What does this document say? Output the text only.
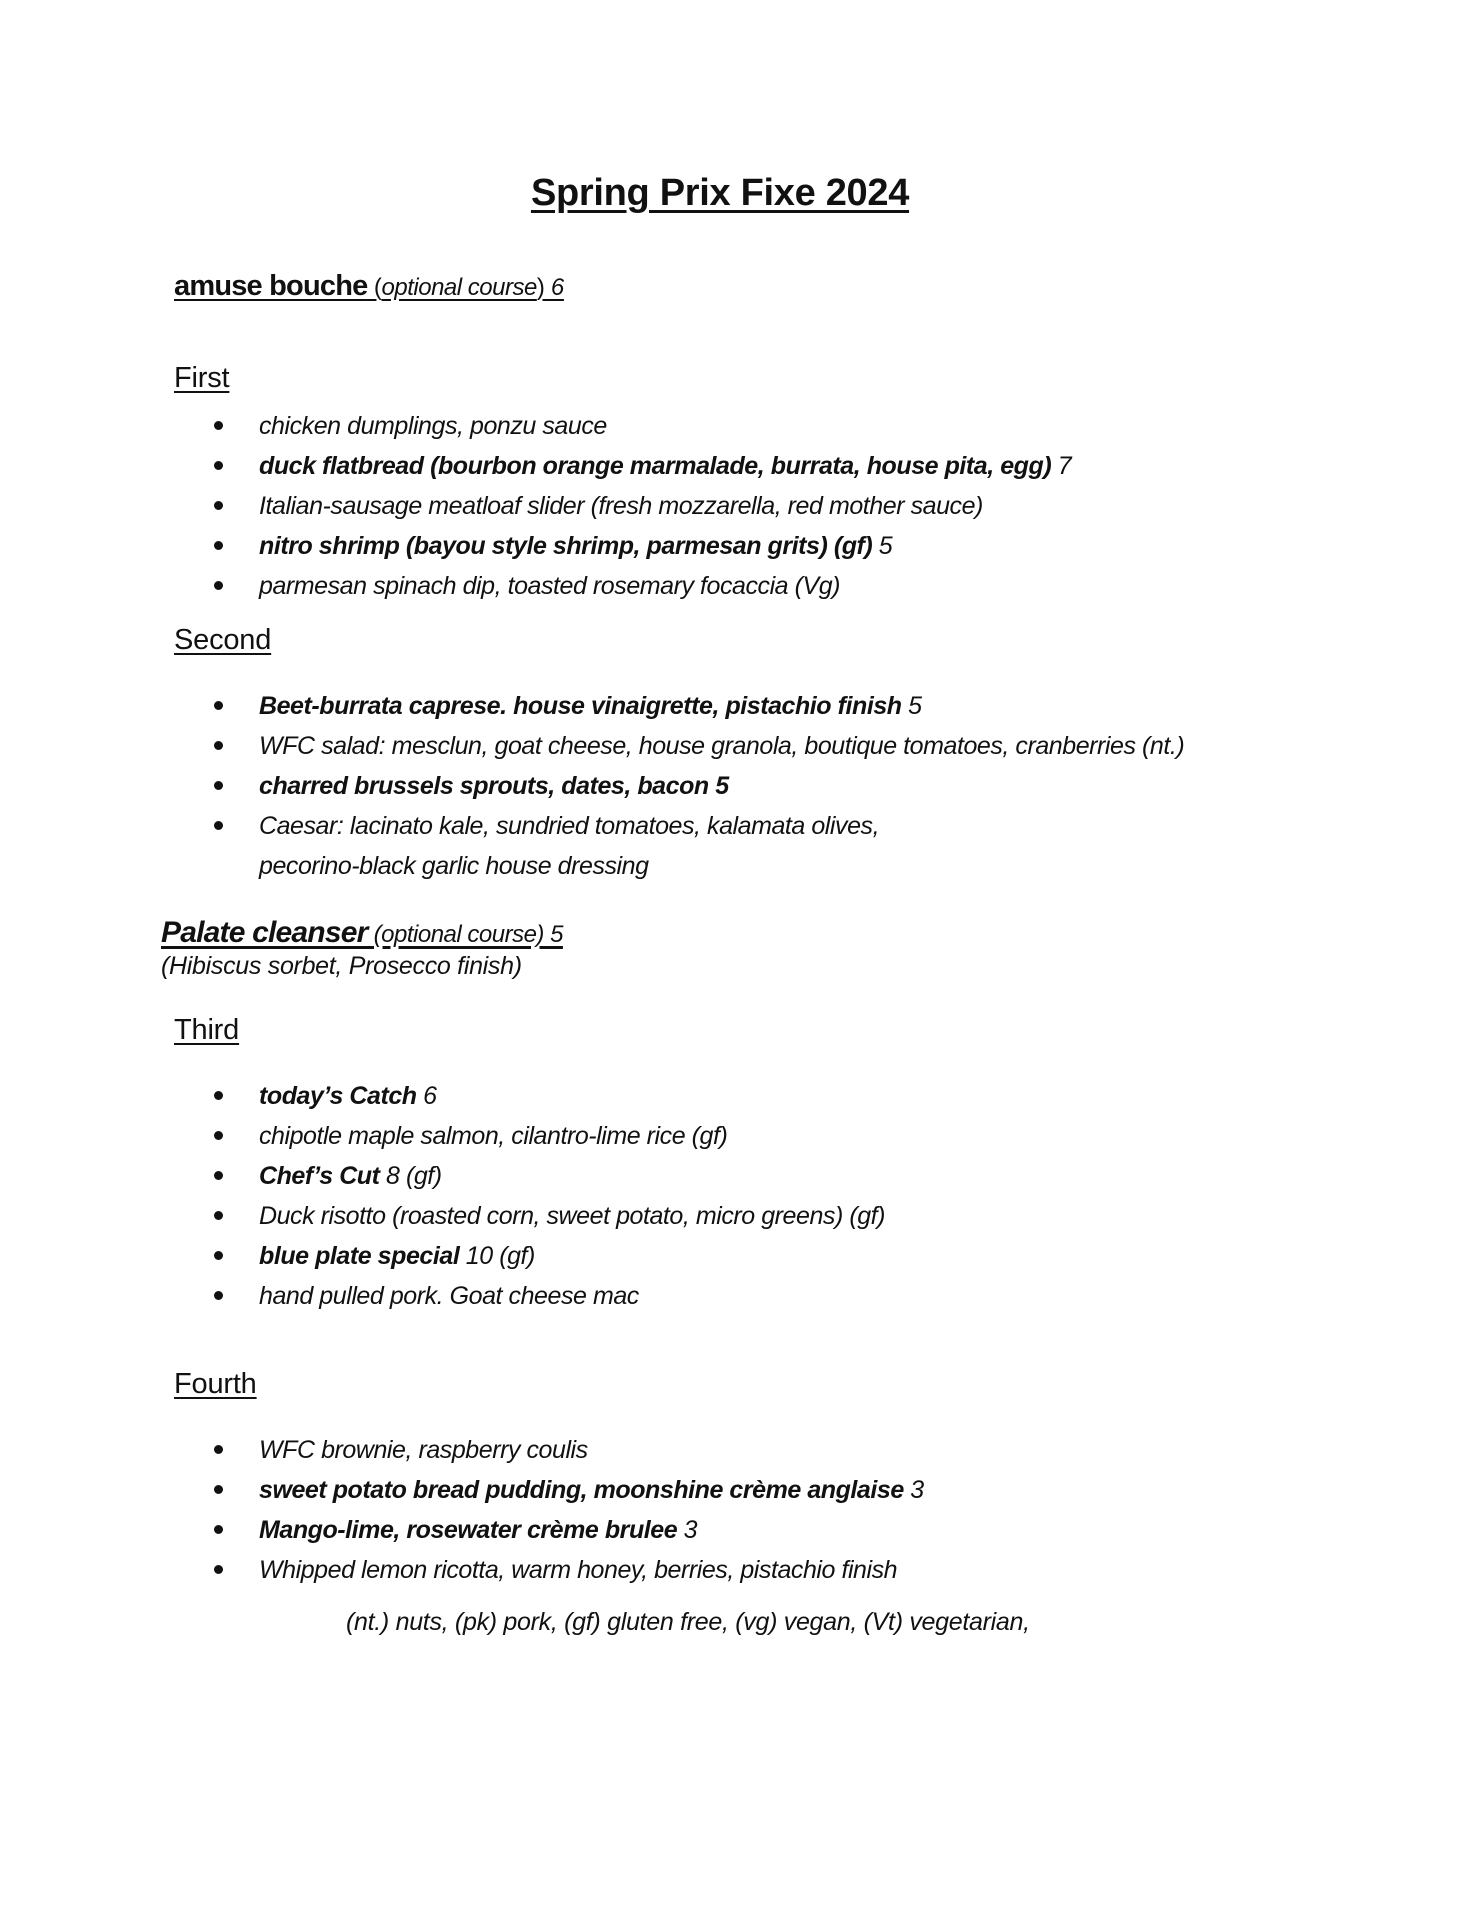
Spring Prix Fixe 2024
amuse bouche (optional course) 6
First
chicken dumplings, ponzu sauce
duck flatbread (bourbon orange marmalade, burrata, house pita, egg) 7
Italian-sausage meatloaf slider (fresh mozzarella, red mother sauce)
nitro shrimp (bayou style shrimp, parmesan grits) (gf) 5
parmesan spinach dip, toasted rosemary focaccia (Vg)
Second
Beet-burrata caprese. house vinaigrette, pistachio finish 5
WFC salad: mesclun, goat cheese, house granola, boutique tomatoes, cranberries (nt.)
charred brussels sprouts, dates, bacon 5
Caesar: lacinato kale, sundried tomatoes, kalamata olives,
pecorino-black garlic house dressing
Palate cleanser (optional course) 5
(Hibiscus sorbet, Prosecco finish)
Third
today’s Catch 6
chipotle maple salmon, cilantro-lime rice (gf)
Chef’s Cut 8 (gf)
Duck risotto (roasted corn, sweet potato, micro greens) (gf)
blue plate special 10 (gf)
hand pulled pork. Goat cheese mac
Fourth
WFC brownie, raspberry coulis
sweet potato bread pudding, moonshine crème anglaise 3
Mango-lime, rosewater crème brulee 3
Whipped lemon ricotta, warm honey, berries, pistachio finish
(nt.) nuts, (pk) pork, (gf) gluten free, (vg) vegan, (Vt) vegetarian,
